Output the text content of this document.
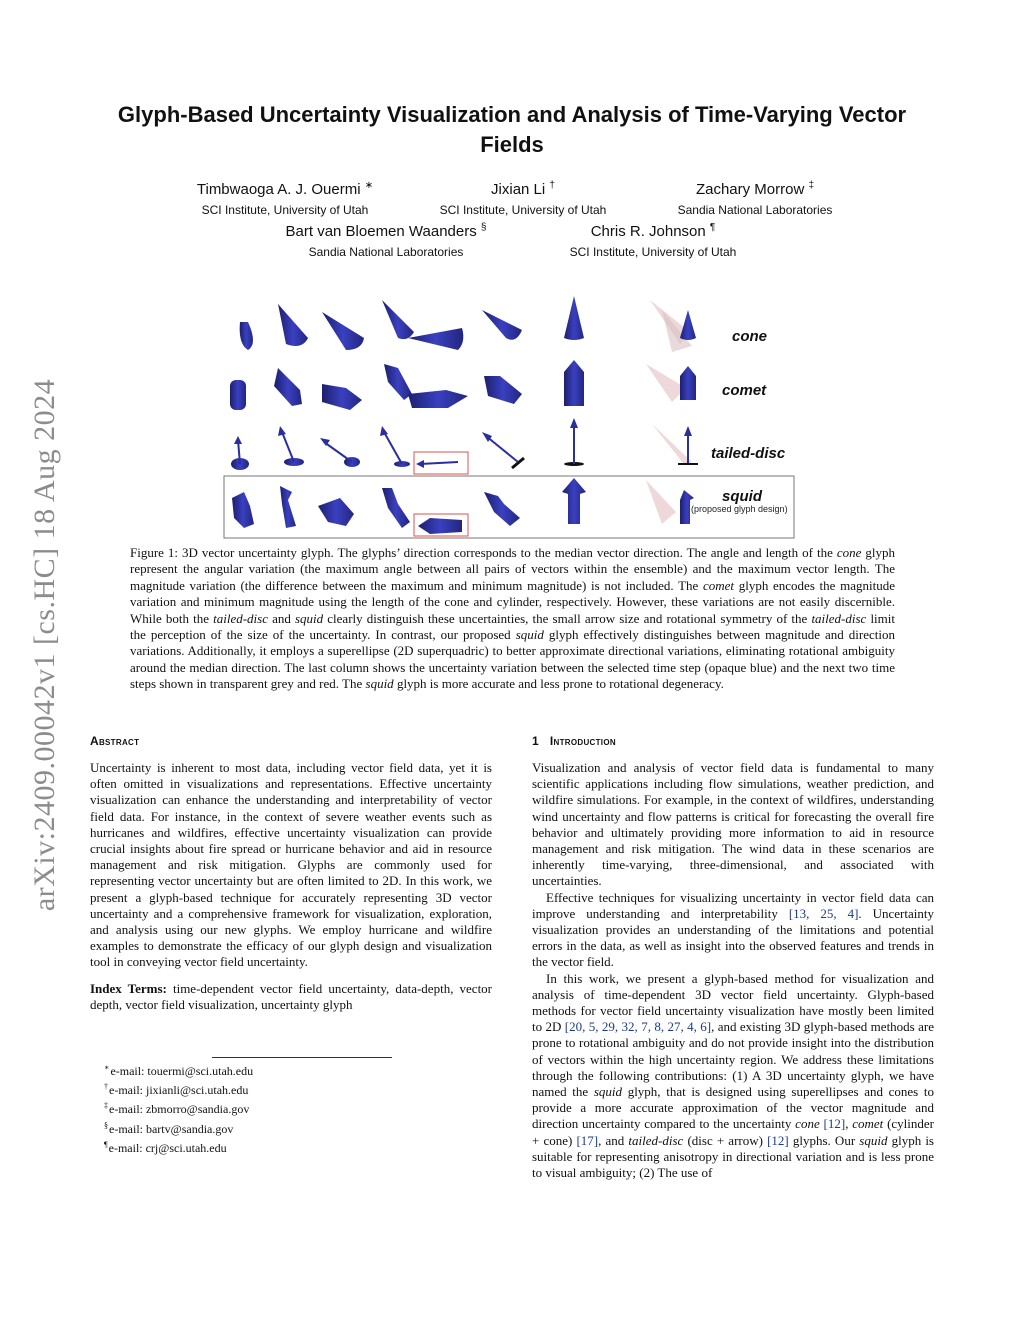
arXiv:2409.00042v1 [cs.HC] 18 Aug 2024
Glyph-Based Uncertainty Visualization and Analysis of Time-Varying Vector Fields
Timbwaoga A. J. Ouermi ∗
SCI Institute, University of Utah
Jixian Li †
SCI Institute, University of Utah
Zachary Morrow ‡
Sandia National Laboratories
Bart van Bloemen Waanders §
Sandia National Laboratories
Chris R. Johnson ¶
SCI Institute, University of Utah
cone
comet
tailed-disc
squid
(proposed glyph design)
Figure 1: 3D vector uncertainty glyph. The glyphs’ direction corresponds to the median vector direction. The angle and length of the cone glyph represent the angular variation (the maximum angle between all pairs of vectors within the ensemble) and the maximum vector length. The magnitude variation (the difference between the maximum and minimum magnitude) is not included. The comet glyph encodes the magnitude variation and minimum magnitude using the length of the cone and cylinder, respectively. However, these variations are not easily discernible. While both the tailed-disc and squid clearly distinguish these uncertainties, the small arrow size and rotational symmetry of the tailed-disc limit the perception of the size of the uncertainty. In contrast, our proposed squid glyph effectively distinguishes between magnitude and direction variations. Additionally, it employs a superellipse (2D superquadric) to better approximate directional variations, eliminating rotational ambiguity around the median direction. The last column shows the uncertainty variation between the selected time step (opaque blue) and the next two time steps shown in transparent grey and red. The squid glyph is more accurate and less prone to rotational degeneracy.
Abstract

Uncertainty is inherent to most data, including vector field data, yet it is often omitted in visualizations and representations. Effective uncertainty visualization can enhance the understanding and interpretability of vector field data. For instance, in the context of severe weather events such as hurricanes and wildfires, effective uncertainty visualization can provide crucial insights about fire spread or hurricane behavior and aid in resource management and risk mitigation. Glyphs are commonly used for representing vector uncertainty but are often limited to 2D. In this work, we present a glyph-based technique for accurately representing 3D vector uncertainty and a comprehensive framework for visualization, exploration, and analysis using our new glyphs. We employ hurricane and wildfire examples to demonstrate the efficacy of our glyph design and visualization tool in conveying vector field uncertainty.

Index Terms: time-dependent vector field uncertainty, data-depth, vector depth, vector field visualization, uncertainty glyph

∗e-mail: touermi@sci.utah.edu
†e-mail: jixianli@sci.utah.edu
‡e-mail: zbmorro@sandia.gov
§e-mail: bartv@sandia.gov
¶e-mail: crj@sci.utah.edu
1 Introduction

Visualization and analysis of vector field data is fundamental to many scientific applications including flow simulations, weather prediction, and wildfire simulations. For example, in the context of wildfires, understanding wind uncertainty and flow patterns is critical for forecasting the overall fire behavior and ultimately providing more information to aid in resource management and risk mitigation. The wind data in these scenarios are inherently time-varying, three-dimensional, and associated with uncertainties.

Effective techniques for visualizing uncertainty in vector field data can improve understanding and interpretability [13, 25, 4]. Uncertainty visualization provides an understanding of the limitations and potential errors in the data, as well as insight into the observed features and trends in the vector field.

In this work, we present a glyph-based method for visualization and analysis of time-dependent 3D vector field uncertainty. Glyph-based methods for vector field uncertainty visualization have mostly been limited to 2D [20, 5, 29, 32, 7, 8, 27, 4, 6], and existing 3D glyph-based methods are prone to rotational ambiguity and do not provide insight into the distribution of vectors within the high uncertainty region. We address these limitations through the following contributions: (1) A 3D uncertainty glyph, we have named the squid glyph, that is designed using superellipses and cones to provide a more accurate approximation of the vector magnitude and direction uncertainty compared to the uncertainty cone [12], comet (cylinder + cone) [17], and tailed-disc (disc + arrow) [12] glyphs. Our squid glyph is suitable for representing anisotropy in directional variation and is less prone to visual ambiguity; (2) The use of
